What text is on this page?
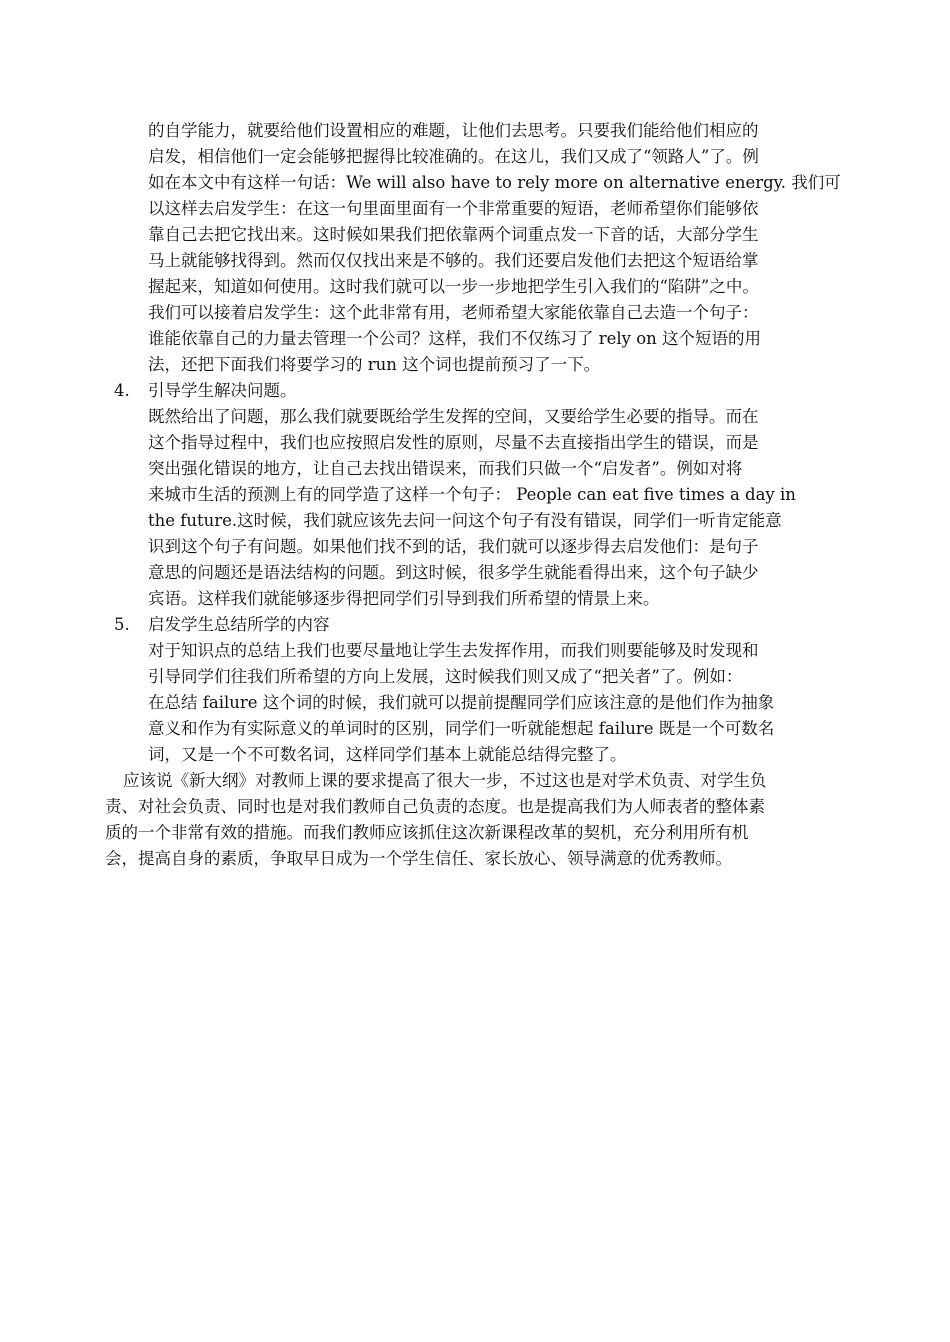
的自学能力，就要给他们设置相应的难题，让他们去思考。只要我们能给他们相应的
启发，相信他们一定会能够把握得比较准确的。在这儿，我们又成了“领路人”了。例
如在本文中有这样一句话：We will also have to rely more on alternative energy. 我们可
以这样去启发学生：在这一句里面里面有一个非常重要的短语，老师希望你们能够依
靠自己去把它找出来。这时候如果我们把依靠两个词重点发一下音的话，大部分学生
马上就能够找得到。然而仅仅找出来是不够的。我们还要启发他们去把这个短语给掌
握起来，知道如何使用。这时我们就可以一步一步地把学生引入我们的“陷阱”之中。
我们可以接着启发学生：这个此非常有用，老师希望大家能依靠自己去造一个句子：
谁能依靠自己的力量去管理一个公司？这样，我们不仅练习了 rely on 这个短语的用
法，还把下面我们将要学习的 run 这个词也提前预习了一下。
4.	引导学生解决问题。
既然给出了问题，那么我们就要既给学生发挥的空间，又要给学生必要的指导。而在
这个指导过程中，我们也应按照启发性的原则，尽量不去直接指出学生的错误，而是
突出强化错误的地方，让自己去找出错误来，而我们只做一个“启发者”。例如对将
来城市生活的预测上有的同学造了这样一个句子： People can eat five times a day in
the future.这时候，我们就应该先去问一问这个句子有没有错误，同学们一听肯定能意
识到这个句子有问题。如果他们找不到的话，我们就可以逐步得去启发他们：是句子
意思的问题还是语法结构的问题。到这时候，很多学生就能看得出来，这个句子缺少
宾语。这样我们就能够逐步得把同学们引导到我们所希望的情景上来。
5.	启发学生总结所学的内容
对于知识点的总结上我们也要尽量地让学生去发挥作用，而我们则要能够及时发现和
引导同学们往我们所希望的方向上发展，这时候我们则又成了“把关者”了。例如：
在总结 failure 这个词的时候，我们就可以提前提醒同学们应该注意的是他们作为抽象
意义和作为有实际意义的单词时的区别，同学们一听就能想起 failure 既是一个可数名
词，又是一个不可数名词，这样同学们基本上就能总结得完整了。
应该说《新大纲》对教师上课的要求提高了很大一步，不过这也是对学术负责、对学生负
责、对社会负责、同时也是对我们教师自己负责的态度。也是提高我们为人师表者的整体素
质的一个非常有效的措施。而我们教师应该抓住这次新课程改革的契机，充分利用所有机
会，提高自身的素质，争取早日成为一个学生信任、家长放心、领导满意的优秀教师。
